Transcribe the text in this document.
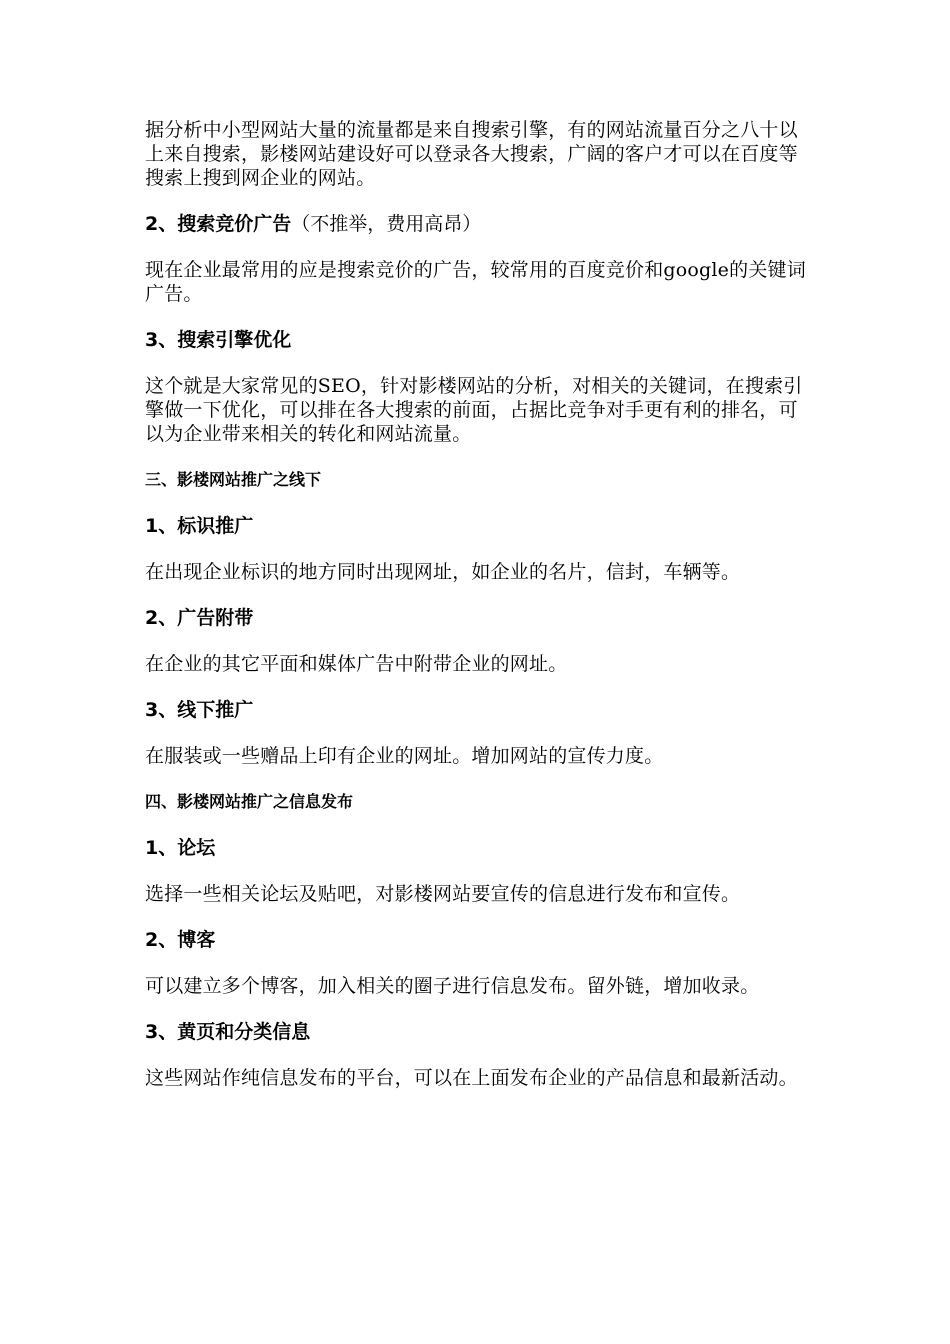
据分析中小型网站大量的流量都是来自搜索引擎，有的网站流量百分之八十以上来自搜索，影楼网站建设好可以登录各大搜索，广阔的客户才可以在百度等搜索上搜到网企业的网站。

2、搜索竞价广告（不推举，费用高昂）

现在企业最常用的应是搜索竞价的广告，较常用的百度竞价和google的关键词广告。

3、搜索引擎优化

这个就是大家常见的SEO，针对影楼网站的分析，对相关的关键词，在搜索引擎做一下优化，可以排在各大搜索的前面，占据比竞争对手更有利的排名，可以为企业带来相关的转化和网站流量。

三、影楼网站推广之线下
1、标识推广

在出现企业标识的地方同时出现网址，如企业的名片，信封，车辆等。

2、广告附带

在企业的其它平面和媒体广告中附带企业的网址。

3、线下推广

在服装或一些赠品上印有企业的网址。增加网站的宣传力度。

四、影楼网站推广之信息发布
1、论坛

选择一些相关论坛及贴吧，对影楼网站要宣传的信息进行发布和宣传。

2、博客

可以建立多个博客，加入相关的圈子进行信息发布。留外链，增加收录。

3、黄页和分类信息

这些网站作纯信息发布的平台，可以在上面发布企业的产品信息和最新活动。
